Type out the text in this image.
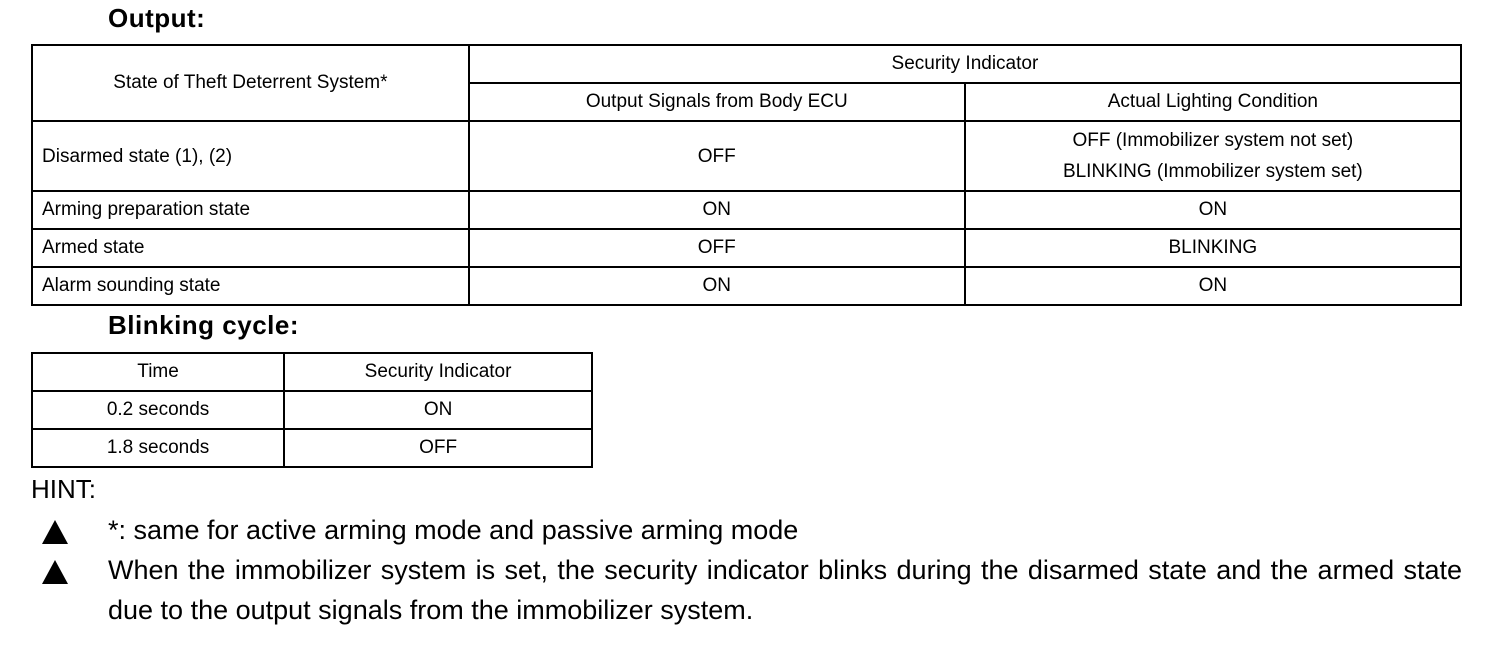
Output:
State of Theft Deterrent System*	Security Indicator	
	Output Signals from Body ECU	Actual Lighting Condition
Disarmed state (1), (2)	OFF	OFF (Immobilizer system not set)
BLINKING (Immobilizer system set)

Arming preparation state	ON	ON
Armed state	OFF	BLINKING
Alarm sounding state	ON	ON
Blinking cycle:
Time	Security Indicator
0.2 seconds	ON
1.8 seconds	OFF
HINT:
*: same for active arming mode and passive arming mode
When the immobilizer system is set, the security indicator blinks during the disarmed state and the armed state due to the output signals from the immobilizer system.
